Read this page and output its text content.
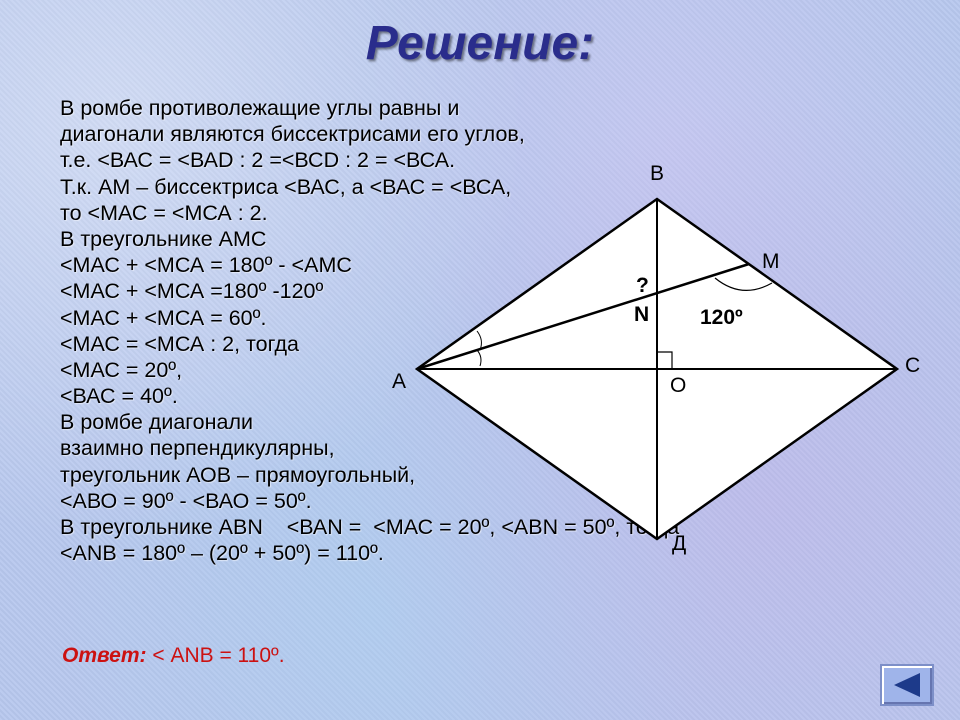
Решение:
В ромбе противолежащие углы равны и
диагонали являются биссектрисами его углов,
т.е. <ВАС = <ВАD : 2 =<ВСD : 2 = <ВСА.
Т.к. АМ – биссектриса <ВАС, а <ВАС = <ВСА,
то <МАС = <МСА : 2.
В треугольнике АМС
<МАС + <МСА = 180º - <АМС
<МАС + <МСА =180º -120º
<МАС + <МСА = 60º.
<МАС = <МСА : 2, тогда
<МАС = 20º,
<ВАС = 40º.
В ромбе диагонали
взаимно перпендикулярны,
треугольник АОВ – прямоугольный,
<АВО = 90º - <ВАО = 50º.
В треугольнике АВN    <ВАN =  <МАС = 20º, <АВN = 50º, тогда
<АNВ = 180º – (20º + 50º) = 110º.
Ответ: < АNВ = 110º.
В
М
С
А	О
Д
?
N 120º
